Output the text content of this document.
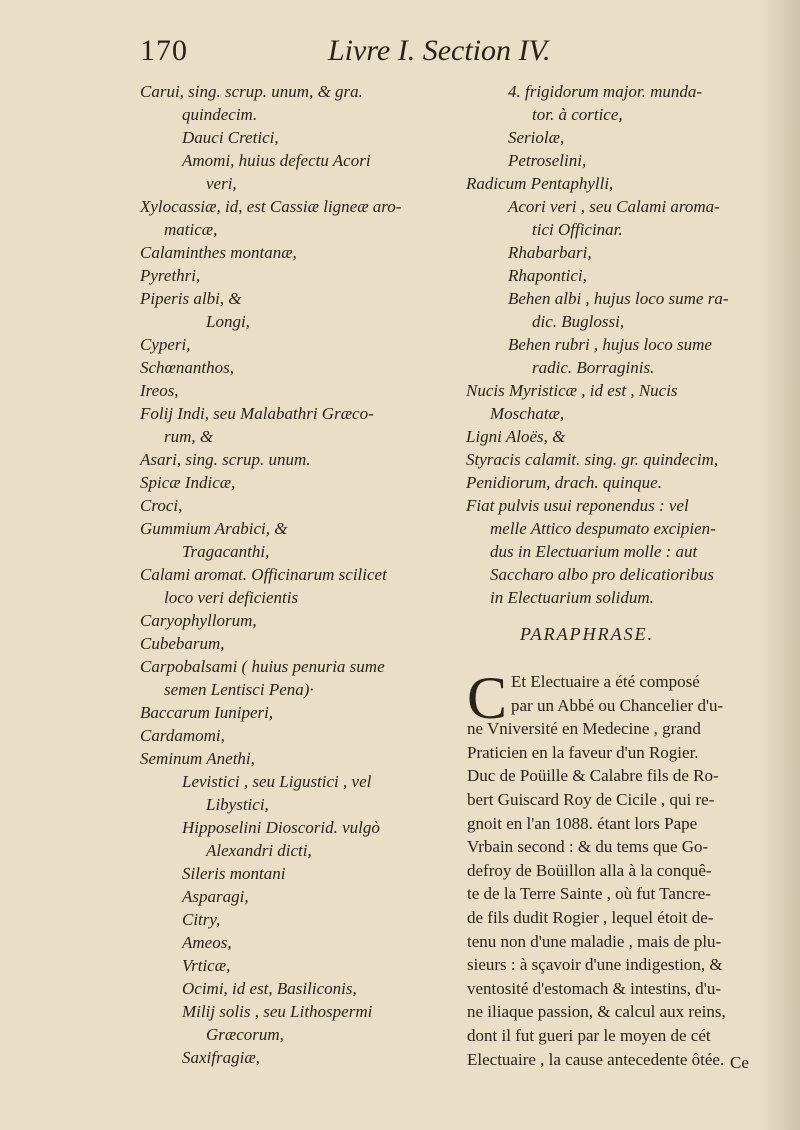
170	Livre I. Section IV.
Carui, sing. scrup. unum, & gra.
quindecim.
Dauci Cretici,
Amomi, huius defectu Acori
veri,
Xylocassiæ, id, est Cassiæ ligneæ aro-
maticæ,
Calaminthes montanæ,
Pyrethri,
Piperis albi, &
Longi,
Cyperi,
Schœnanthos,
Ireos,
Folij Indi, seu Malabathri Græco-
rum, &
Asari, sing. scrup. unum.
Spicæ Indicæ,
Croci,
Gummium Arabici, &
Tragacanthi,
Calami aromat. Officinarum scilicet
loco veri deficientis
Caryophyllorum,
Cubebarum,
Carpobalsami ( huius penuria sume
semen Lentisci Pena)·
Baccarum Iuniperi,
Cardamomi,
Seminum Anethi,
Levistici , seu Ligustici , vel
Libystici,
Hipposelini Dioscorid. vulgò
Alexandri dicti,
Sileris montani
Asparagi,
Citry,
Ameos,
Vrticæ,
Ocimi, id est, Basiliconis,
Milij solis , seu Lithospermi
Græcorum,
Saxifragiæ,
4. frigidorum major. munda-
tor. à cortice,
Seriolæ,
Petroselini,
Radicum Pentaphylli,
Acori veri , seu Calami aroma-
tici Officinar.
Rhabarbari,
Rhapontici,
Behen albi , hujus loco sume ra-
dic. Buglossi,
Behen rubri , hujus loco sume
radic. Borraginis.
Nucis Myristicæ , id est , Nucis
Moschatæ,
Ligni Aloës, &
Styracis calamit. sing. gr. quindecim,
Penidiorum, drach. quinque.
Fiat pulvis usui reponendus : vel
melle Attico despumato excipien-
dus in Electuarium molle : aut
Saccharo albo pro delicatioribus
in Electuarium solidum.
PARAPHRASE.
C Et Electuaire a été composé
par un Abbé ou Chancelier d'u-
ne Vniversité en Medecine , grand
Praticien en la faveur d'un Rogier.
Duc de Poüille & Calabre fils de Ro-
bert Guiscard Roy de Cicile , qui re-
gnoit en l'an 1088. étant lors Pape
Vrbain second : & du tems que Go-
defroy de Boüillon alla à la conquê-
te de la Terre Sainte , où fut Tancre-
de fils dudit Rogier , lequel étoit de-
tenu non d'une maladie , mais de plu-
sieurs : à sçavoir d'une indigestion, &
ventosité d'estomach & intestins, d'u-
ne iliaque passion, & calcul aux reins,
dont il fut gueri par le moyen de cét
Electuaire , la cause antecedente ôtée. Ce
